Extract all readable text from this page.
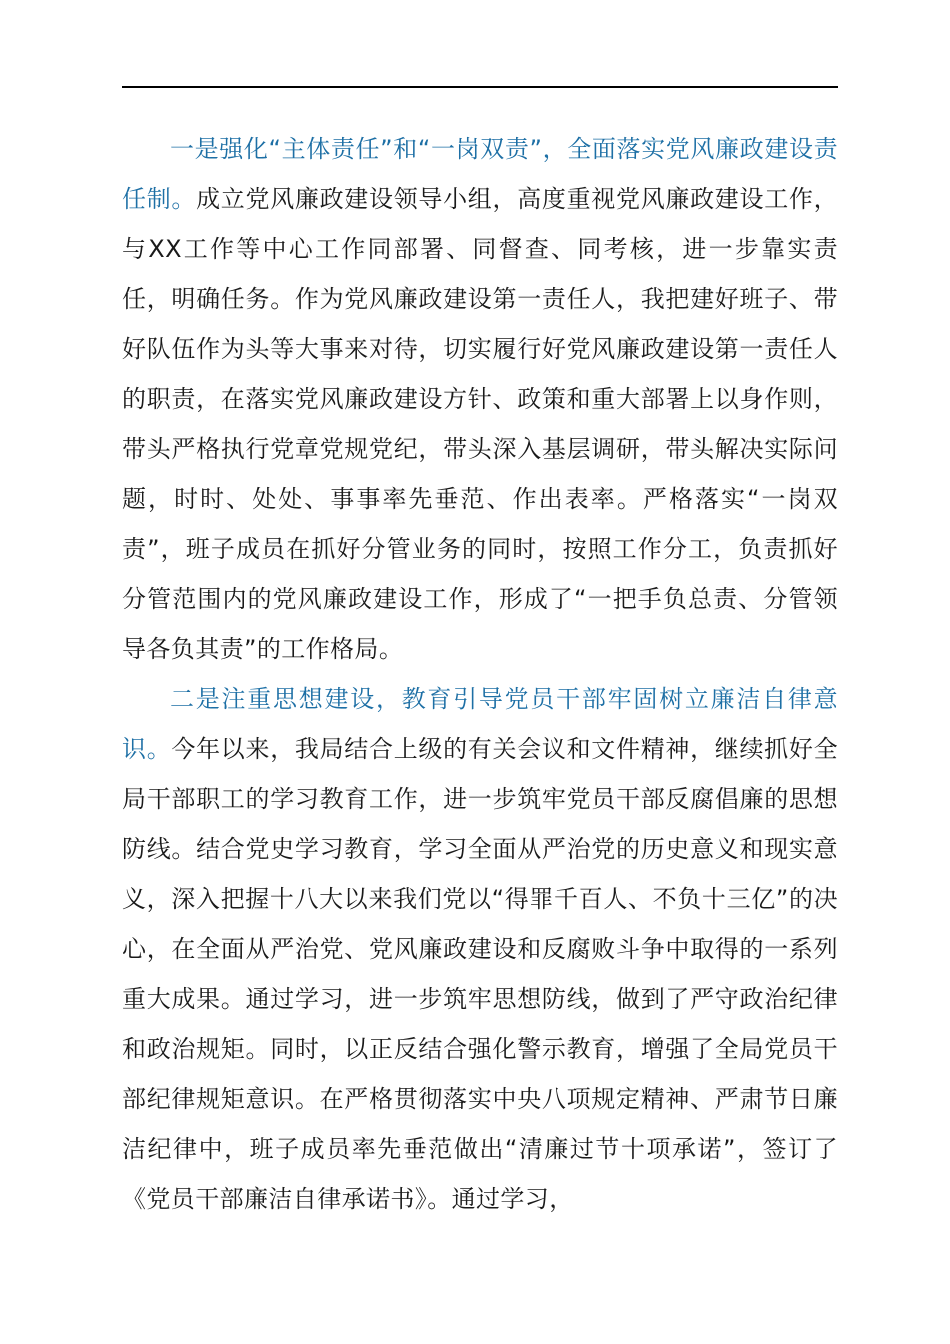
一是强化“主体责任”和“一岗双责”，全面落实党风廉政建设责任制。成立党风廉政建设领导小组，高度重视党风廉政建设工作，与XX工作等中心工作同部署、同督查、同考核，进一步靠实责任，明确任务。作为党风廉政建设第一责任人，我把建好班子、带好队伍作为头等大事来对待，切实履行好党风廉政建设第一责任人的职责，在落实党风廉政建设方针、政策和重大部署上以身作则，带头严格执行党章党规党纪，带头深入基层调研，带头解决实际问题，时时、处处、事事率先垂范、作出表率。严格落实“一岗双责”，班子成员在抓好分管业务的同时，按照工作分工，负责抓好分管范围内的党风廉政建设工作，形成了“一把手负总责、分管领导各负其责”的工作格局。

二是注重思想建设，教育引导党员干部牢固树立廉洁自律意识。今年以来，我局结合上级的有关会议和文件精神，继续抓好全局干部职工的学习教育工作，进一步筑牢党员干部反腐倡廉的思想防线。结合党史学习教育，学习全面从严治党的历史意义和现实意义，深入把握十八大以来我们党以“得罪千百人、不负十三亿”的决心，在全面从严治党、党风廉政建设和反腐败斗争中取得的一系列重大成果。通过学习，进一步筑牢思想防线，做到了严守政治纪律和政治规矩。同时，以正反结合强化警示教育，增强了全局党员干部纪律规矩意识。在严格贯彻落实中央八项规定精神、严肃节日廉洁纪律中，班子成员率先垂范做出“清廉过节十项承诺”，签订了《党员干部廉洁自律承诺书》。通过学习，
